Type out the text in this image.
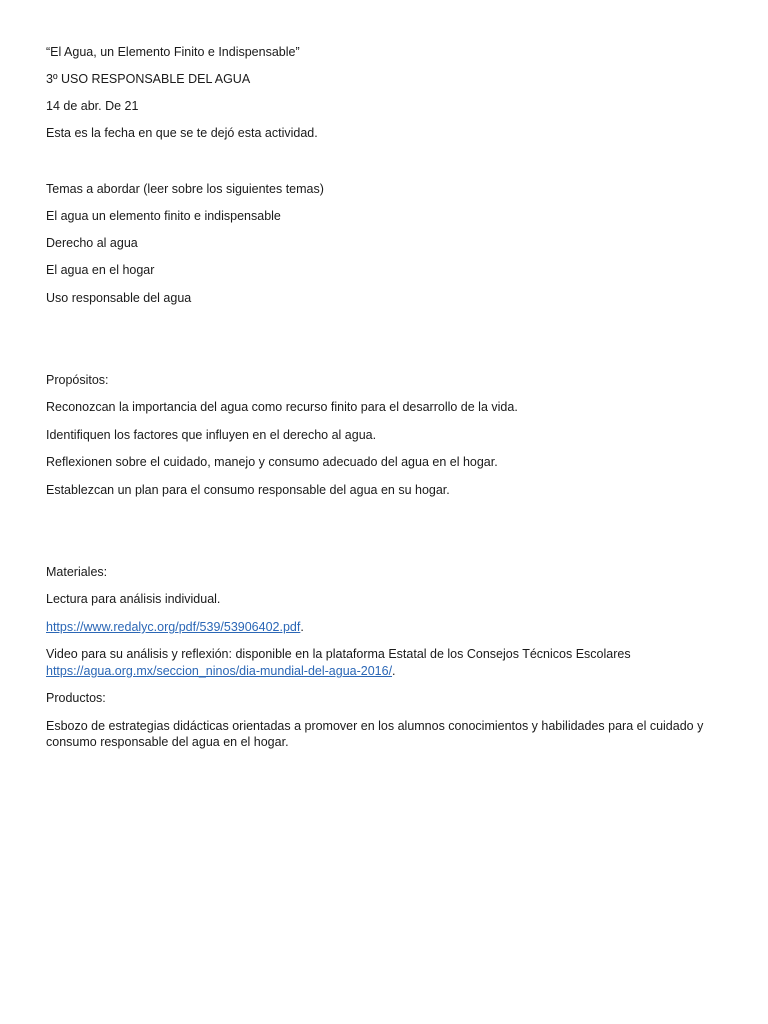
“El Agua, un Elemento Finito e Indispensable”
3º USO RESPONSABLE DEL AGUA
14 de abr. De 21
Esta es la fecha en que se te dejó esta actividad.
Temas a abordar (leer sobre los siguientes temas)
El agua un elemento finito e indispensable
Derecho al agua
El agua en el hogar
Uso responsable del agua
Propósitos:
Reconozcan la importancia del agua como recurso finito para el desarrollo de la vida.
Identifiquen los factores que influyen en el derecho al agua.
Reflexionen sobre el cuidado, manejo y consumo adecuado del agua en el hogar.
Establezcan un plan para el consumo responsable del agua en su hogar.
Materiales:
Lectura para análisis individual.
https://www.redalyc.org/pdf/539/53906402.pdf.
Video para su análisis y reflexión: disponible en la plataforma Estatal de los Consejos Técnicos Escolares
https://agua.org.mx/seccion_ninos/dia-mundial-del-agua-2016/.
Productos:
Esbozo de estrategias didácticas orientadas a promover en los alumnos conocimientos y habilidades para el cuidado y consumo responsable del agua en el hogar.
